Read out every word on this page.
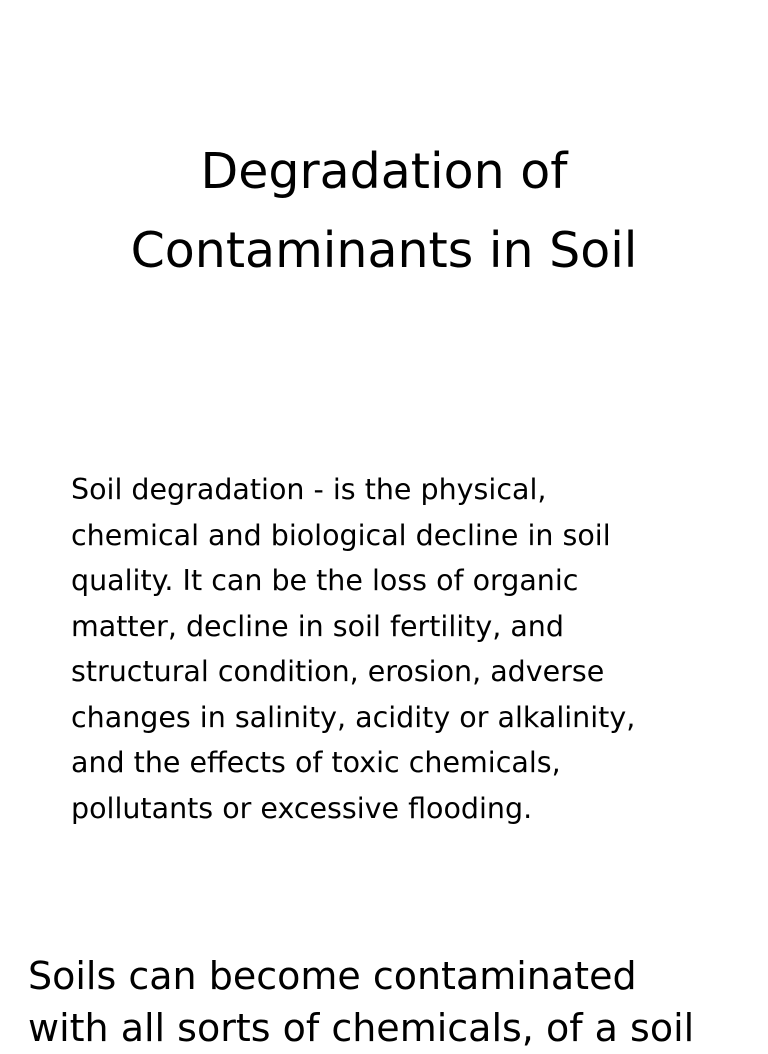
Degradation of
Contaminants in Soil
Soil degradation - is the physical,
chemical and biological decline in soil
quality. It can be the loss of organic
matter, decline in soil fertility, and
structural condition, erosion, adverse
changes in salinity, acidity or alkalinity,
and the effects of toxic chemicals,
pollutants or excessive flooding.
Soils can become contaminated
with all sorts of chemicals, of a soil
